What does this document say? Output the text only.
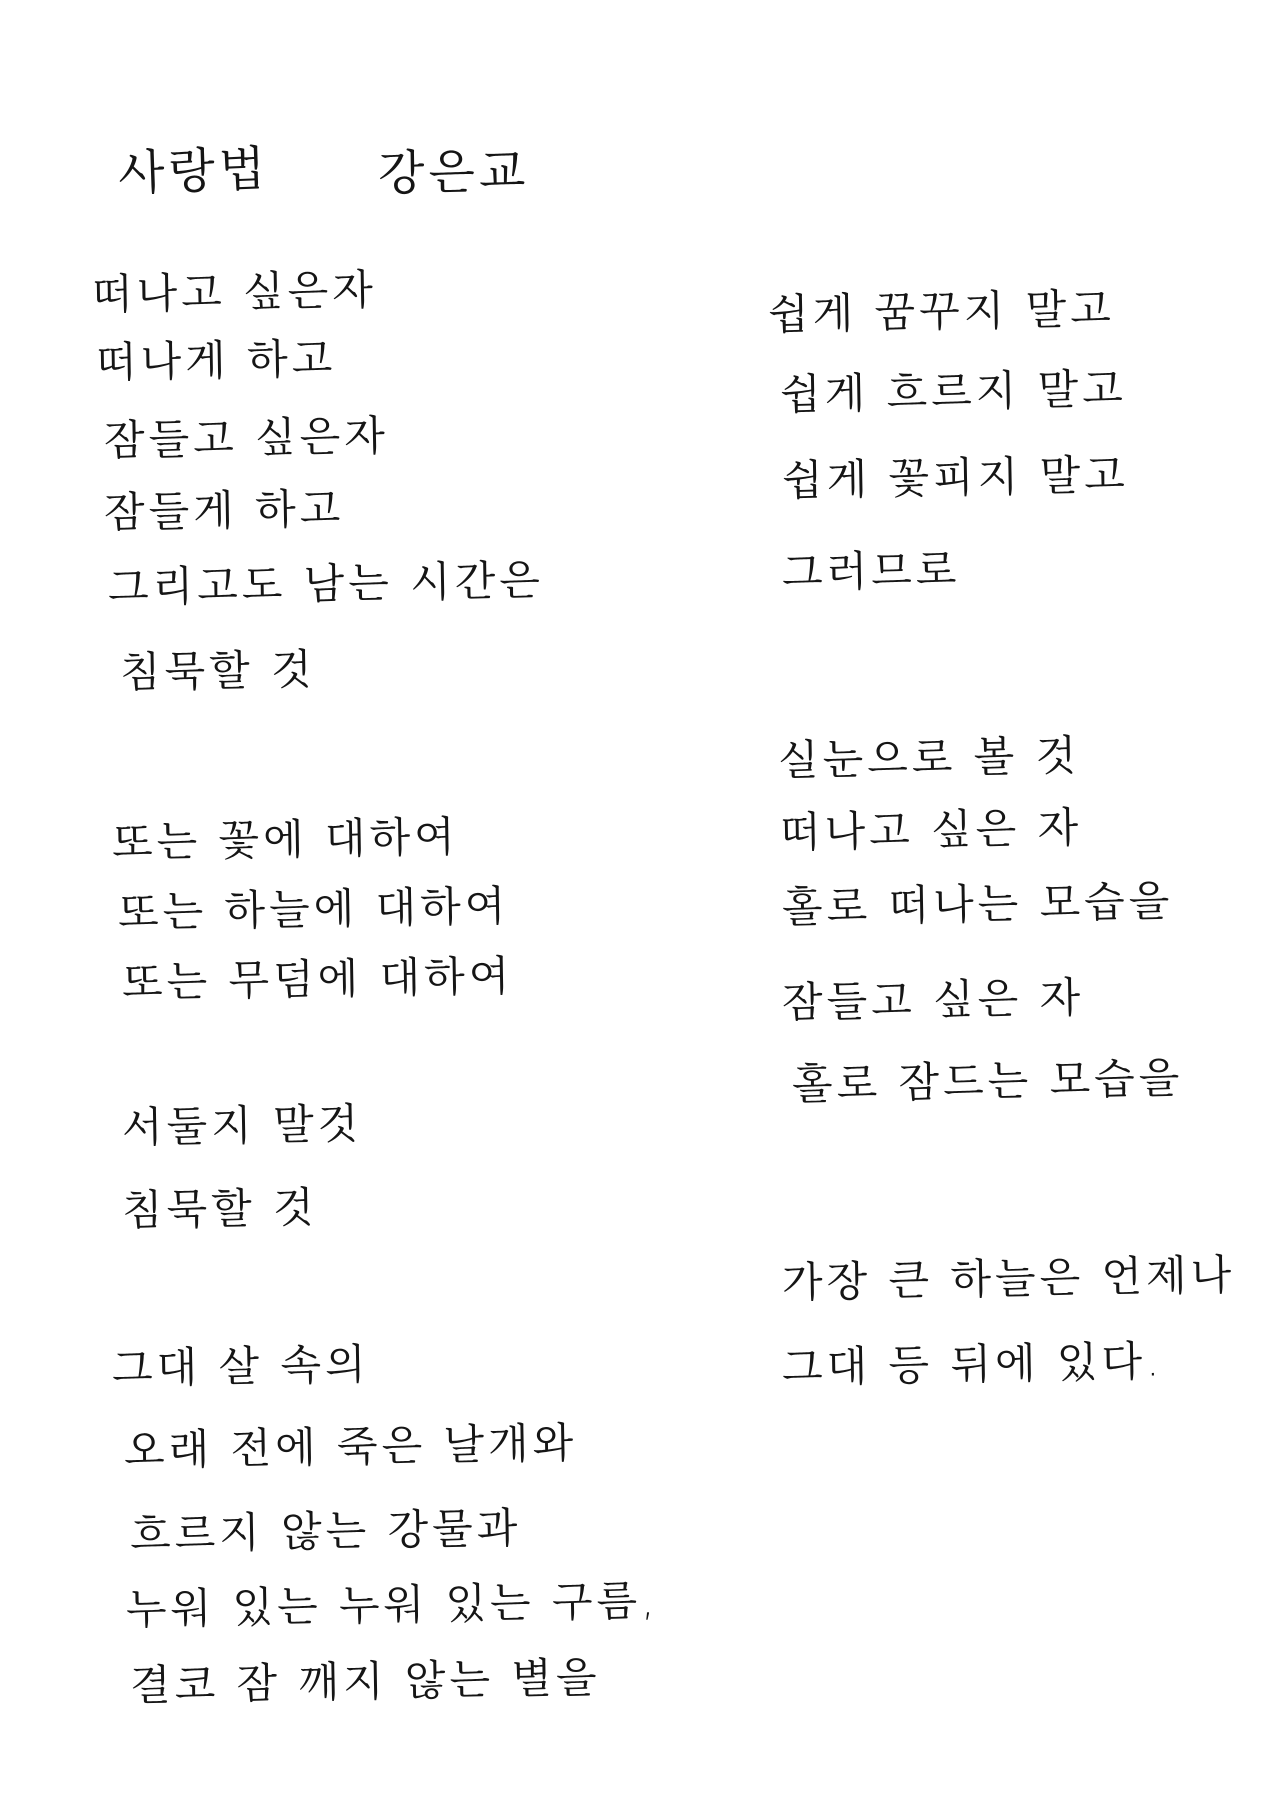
사랑법 강은교
떠나고 싶은자
떠나게 하고
잠들고 싶은자
잠들게 하고
그리고도 남는 시간은
침묵할 것
또는 꽃에 대하여
또는 하늘에 대하여
또는 무덤에 대하여
서둘지 말것
침묵할 것
그대 살 속의
오래 전에 죽은 날개와
흐르지 않는 강물과
누워 있는 누워 있는 구름,
결코 잠 깨지 않는 별을
쉽게 꿈꾸지 말고
쉽게 흐르지 말고
쉽게 꽃피지 말고
그러므로
실눈으로 볼 것
떠나고 싶은 자
홀로 떠나는 모습을
잠들고 싶은 자
홀로 잠드는 모습을
가장 큰 하늘은 언제나
그대 등 뒤에 있다.
